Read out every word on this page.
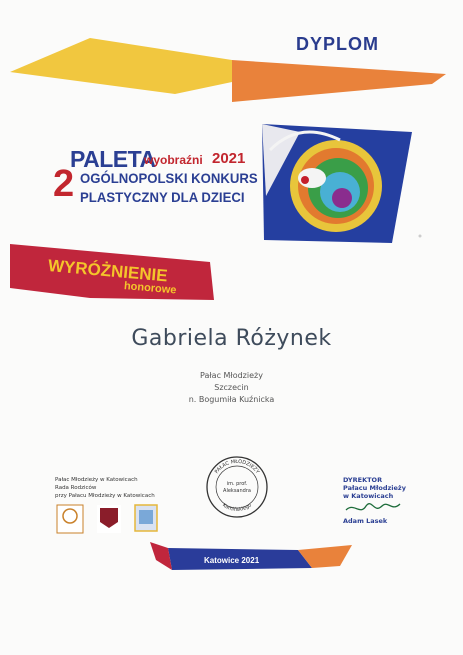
DYPLOM
PALETA
wyobraźni 2021
2 OGÓLNOPOLSKI KONKURS
PLASTYCZNY DLA DZIECI
WYRÓŻNIENIE
honorowe
Gabriela Różynek
Pałac Młodzieży
Szczecin
n. Bogumiła Kuźnicka
Pałac Młodzieży w Katowicach
Rada Rodziców
przy Pałacu Młodzieży w Katowicach
PAŁAC MŁODZIEŻY
im. prof.
Aleksandra
Kamińskiego
DYREKTOR
Pałacu Młodzieży
w Katowicach
Adam Lasek
Katowice 2021
